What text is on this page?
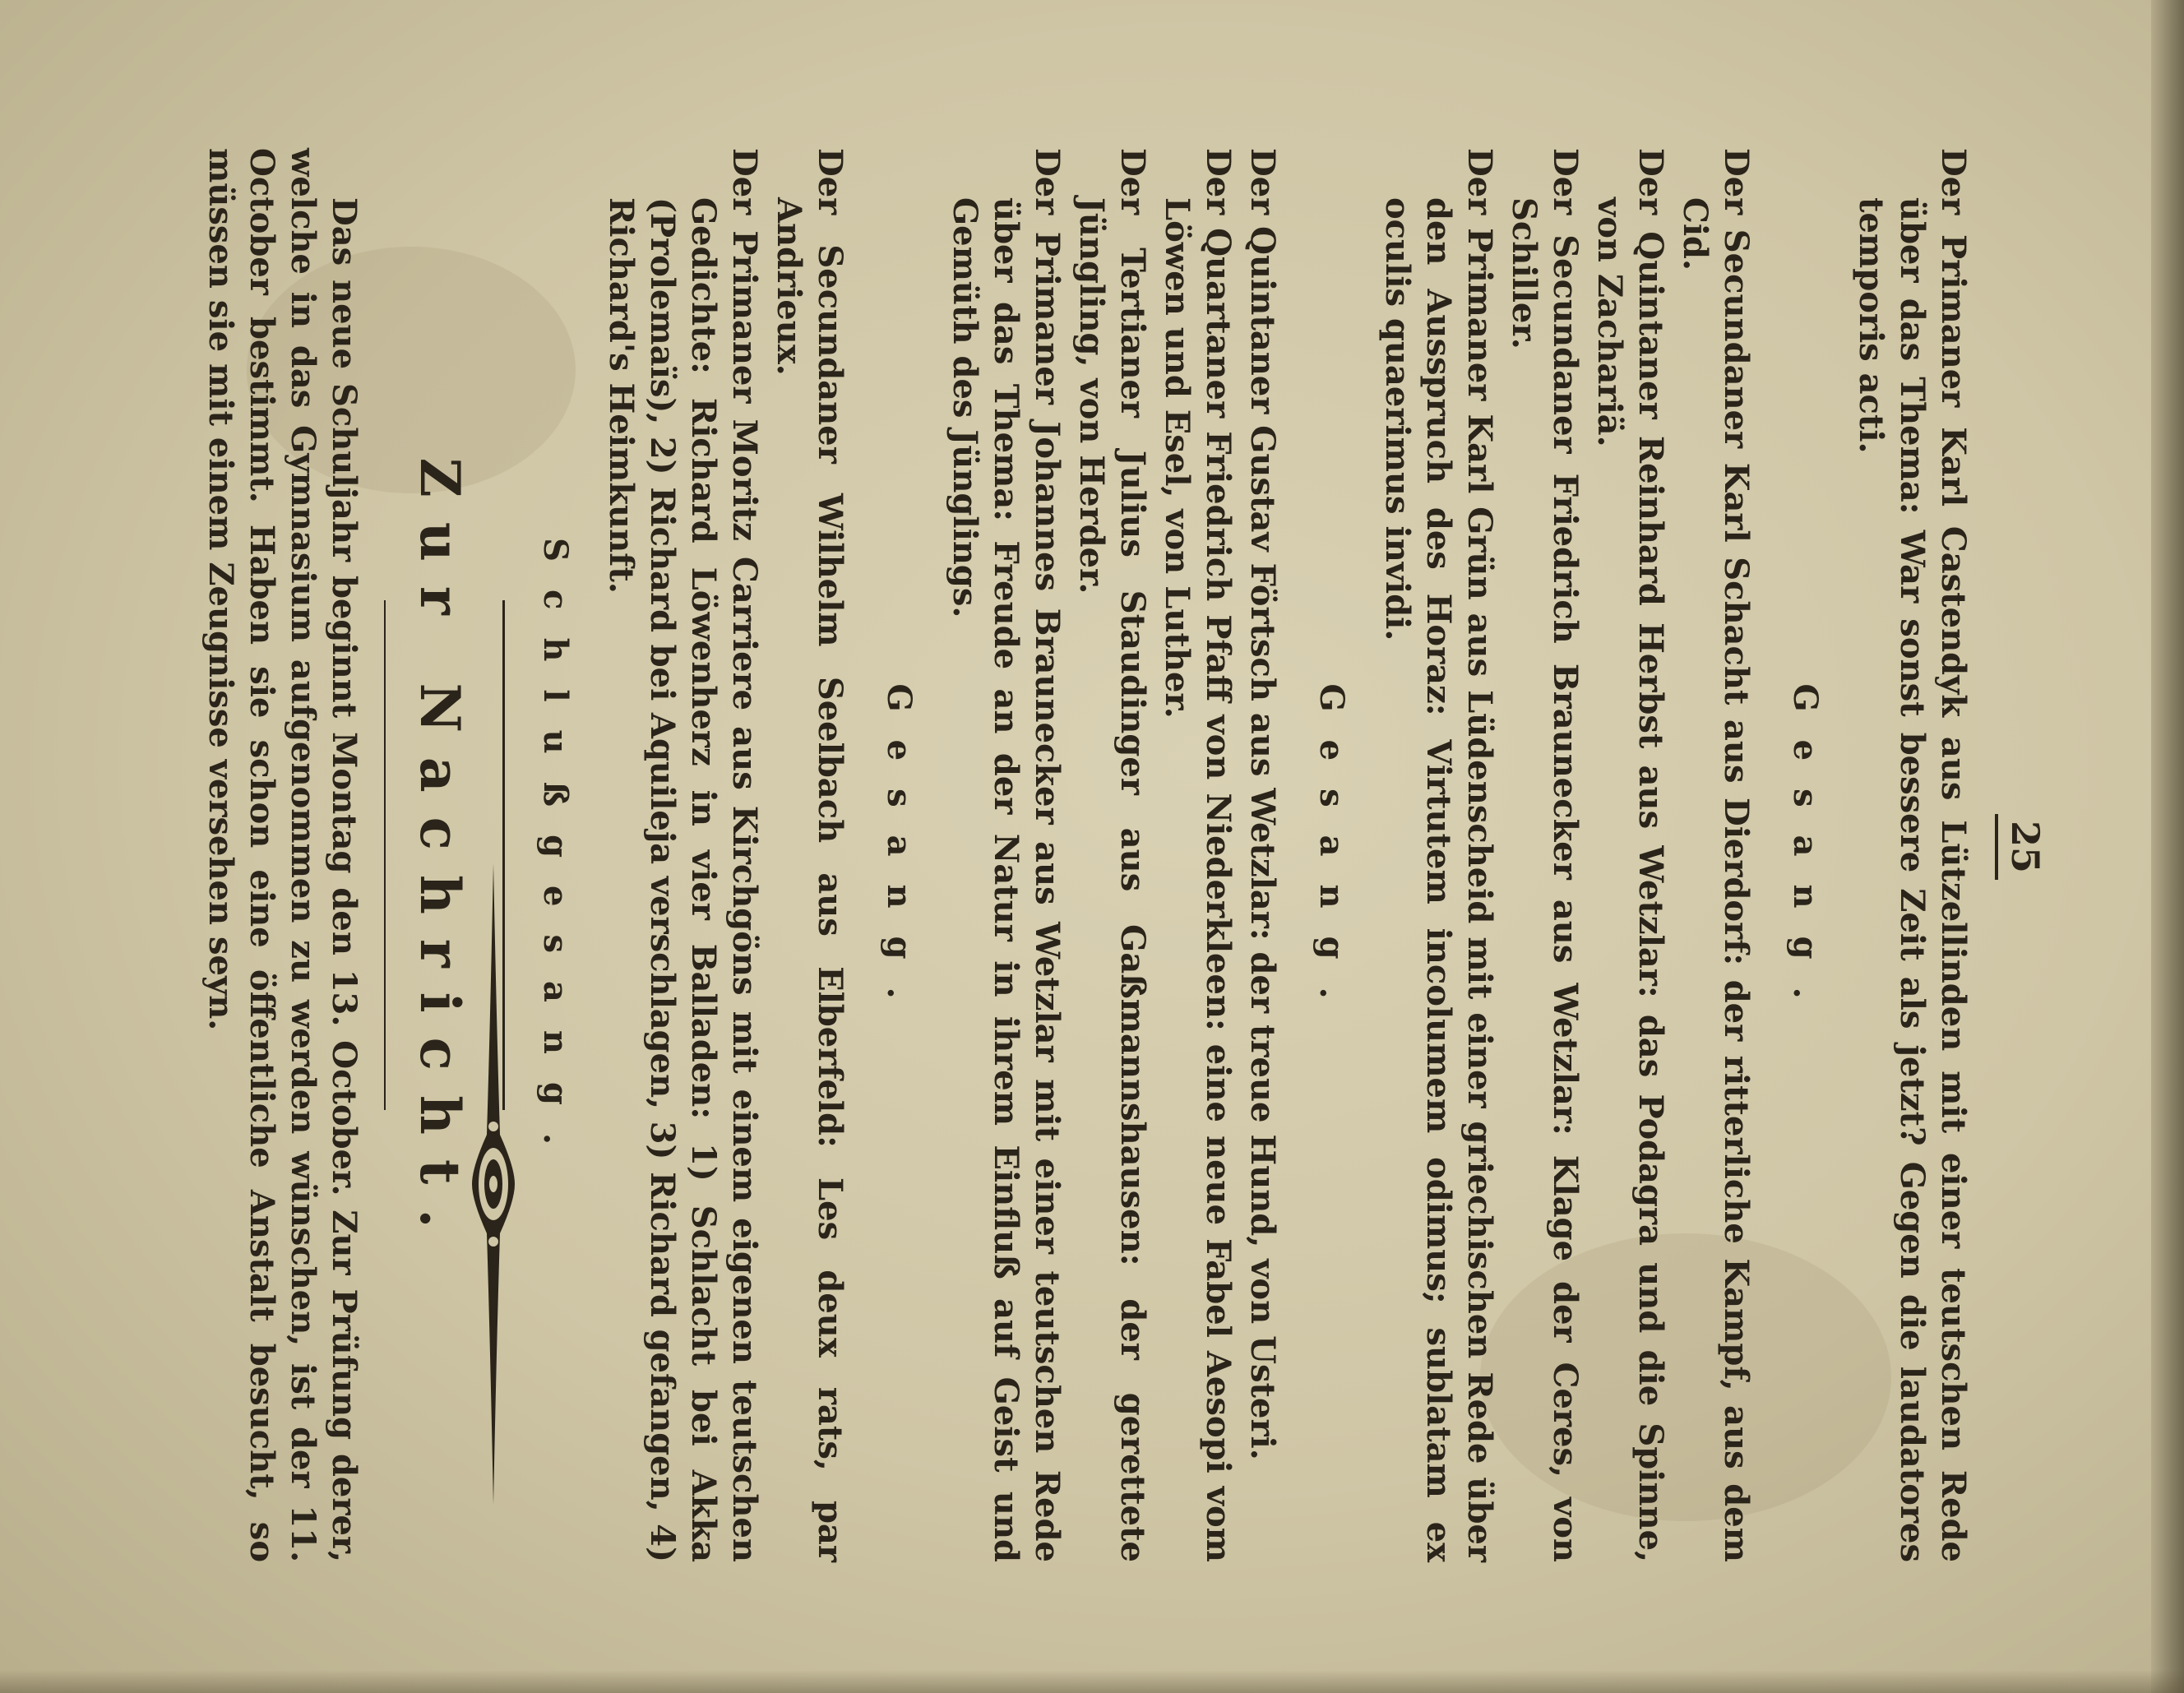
25

Der Primaner Karl Castendyk aus Lützellinden mit einer teutschen Rede über das Thema: War sonst bessere Zeit als jetzt? Gegen die laudatores temporis acti.

Gesang.

Der Secundaner Karl Schacht aus Dierdorf: der ritterliche Kampf, aus dem Cid.

Der Quintaner Reinhard Herbst aus Wetzlar: das Podagra und die Spinne, von Zachariä.

Der Secundaner Friedrich Braunecker aus Wetzlar: Klage der Ceres, von Schiller.

Der Primaner Karl Grün aus Lüdenscheid mit einer griechischen Rede über den Ausspruch des Horaz: Virtutem incolumem odimus; sublatam ex oculis quaerimus invidi.

Gesang.

Der Quintaner Gustav Förtsch aus Wetzlar: der treue Hund, von Usteri.

Der Quartaner Friedrich Pfaff von Niederkleen: eine neue Fabel Aesopi vom Löwen und Esel, von Luther.

Der Tertianer Julius Staudinger aus Gaßmannshausen: der gerettete Jüngling, von Herder.

Der Primaner Johannes Braunecker aus Wetzlar mit einer teutschen Rede über das Thema: Freude an der Natur in ihrem Einfluß auf Geist und Gemüth des Jünglings.

Gesang.

Der Secundaner Wilhelm Seelbach aus Elberfeld: Les deux rats, par Andrieux.

Der Primaner Moritz Carriere aus Kirchgöns mit einem eigenen teutschen Gedichte: Richard Löwenherz in vier Balladen: 1) Schlacht bei Akka (Prolemaïs), 2) Richard bei Aquileja verschlagen, 3) Richard gefangen, 4) Richard's Heimkunft.

Schlußgesang.
Zur Nachricht.

Das neue Schuljahr beginnt Montag den 13. October. Zur Prüfung derer, welche in das Gymnasium aufgenommen zu werden wünschen, ist der 11. October bestimmt. Haben sie schon eine öffentliche Anstalt besucht, so müssen sie mit einem Zeugnisse versehen seyn.
